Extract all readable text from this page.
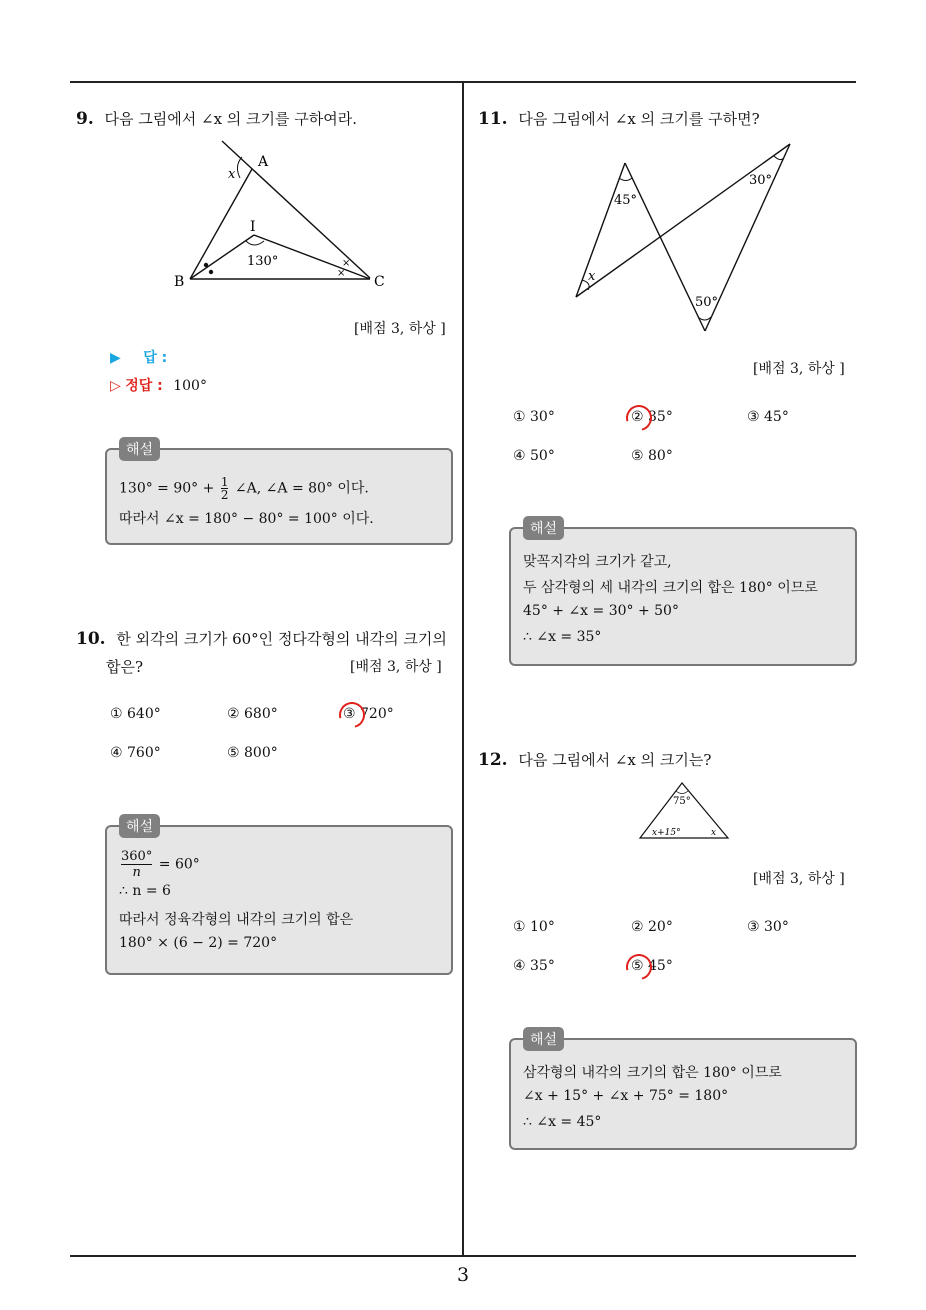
3
9. 다음 그림에서 ∠x 의 크기를 구하여라.
×
×
A
B	C
I
x
130°
[배점 3, 하상 ]
▶ 답 :
▷ 정답 : 100°
$130^\circ = 90^\circ + \frac{1}{2}$ ∠A, ∠A = 80° 이다.
따라서 ∠x = 180° − 80° = 100° 이다.
해설
10. 한 외각의 크기가 60°인 정다각형의 내각의 크기의
합은?	[배점 3, 하상 ]
① 640°	② 680°	③ 720°
④ 760°	⑤ 800°
$\frac{360^\circ}{n} = 60^\circ$
∴ n = 6
따라서 정육각형의 내각의 크기의 합은
180° × (6 − 2) = 720°
해설
11. 다음 그림에서 ∠x 의 크기를 구하면?
45°
30°
50°
x
[배점 3, 하상 ]
① 30°	② 35°	③ 45°
④ 50°	⑤ 80°
맞꼭지각의 크기가 같고,
두 삼각형의 세 내각의 크기의 합은 180° 이므로
45° + ∠x = 30° + 50°
∴ ∠x = 35°
해설
12. 다음 그림에서 ∠x 의 크기는?
75°
x+15°	x
[배점 3, 하상 ]
① 10°	② 20°	③ 30°
④ 35°	⑤ 45°
삼각형의 내각의 크기의 합은 180° 이므로
∠x + 15° + ∠x + 75° = 180°
∴ ∠x = 45°
해설
